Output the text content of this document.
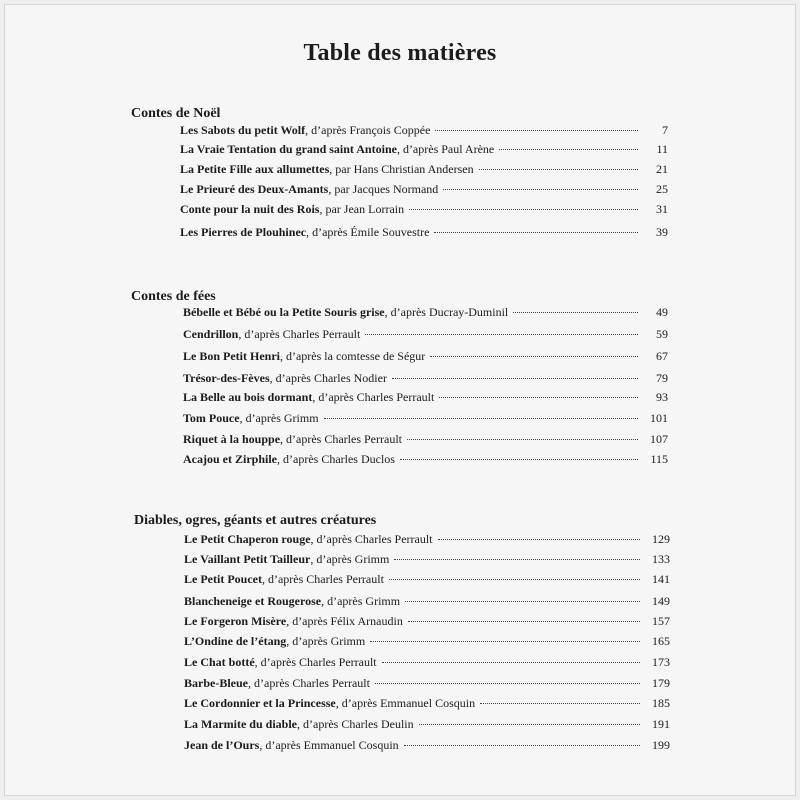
Table des matières
Contes de Noël
Les Sabots du petit Wolf , d’après François Coppée	7
La Vraie Tentation du grand saint Antoine , d’après Paul Arène	11
La Petite Fille aux allumettes , par Hans Christian Andersen	21
Le Prieuré des Deux-Amants , par Jacques Normand	25
Conte pour la nuit des Rois , par Jean Lorrain	31
Les Pierres de Plouhinec , d’après Émile Souvestre	39
Contes de fées
Bébelle et Bébé ou la Petite Souris grise , d’après Ducray-Duminil	49
Cendrillon , d’après Charles Perrault	59
Le Bon Petit Henri , d’après la comtesse de Ségur	67
Trésor-des-Fèves , d’après Charles Nodier	79
La Belle au bois dormant , d’après Charles Perrault	93
Tom Pouce , d’après Grimm	101
Riquet à la houppe , d’après Charles Perrault	107
Acajou et Zirphile , d’après Charles Duclos	115
Diables, ogres, géants et autres créatures
Le Petit Chaperon rouge , d’après Charles Perrault	129
Le Vaillant Petit Tailleur , d’après Grimm	133
Le Petit Poucet , d’après Charles Perrault	141
Blancheneige et Rougerose , d’après Grimm	149
Le Forgeron Misère , d’après Félix Arnaudin	157
L’Ondine de l’étang , d’après Grimm	165
Le Chat botté , d’après Charles Perrault	173
Barbe-Bleue , d’après Charles Perrault	179
Le Cordonnier et la Princesse , d’après Emmanuel Cosquin	185
La Marmite du diable , d’après Charles Deulin	191
Jean de l’Ours , d’après Emmanuel Cosquin	199
